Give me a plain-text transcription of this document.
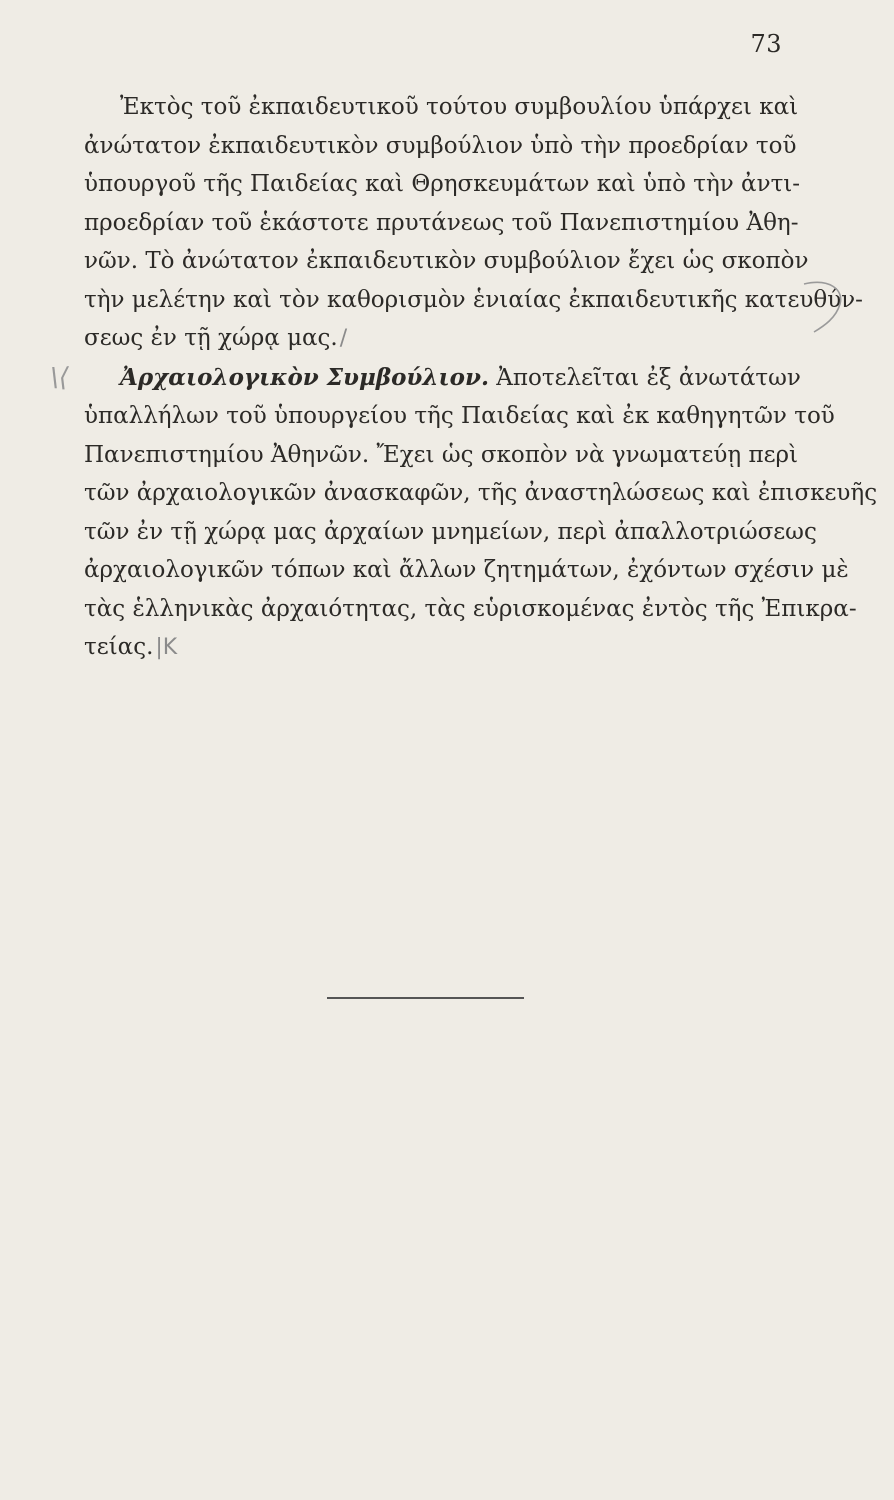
73
Ἐκτὸς τοῦ ἐκπαιδευτικοῦ τούτου συμβουλίου ὑπάρχει καὶ
ἀνώτατον ἐκπαιδευτικὸν συμβούλιον ὑπὸ τὴν προεδρίαν τοῦ
ὑπουργοῦ τῆς Παιδείας καὶ Θρησκευμάτων καὶ ὑπὸ τὴν ἀντι-
προεδρίαν τοῦ ἑκάστοτε πρυτάνεως τοῦ Πανεπιστημίου Ἀθη-
νῶν. Τὸ ἀνώτατον ἐκπαιδευτικὸν συμβούλιον ἔχει ὡς σκοπὸν
τὴν μελέτην καὶ τὸν καθορισμὸν ἑνιαίας ἐκπαιδευτικῆς κατευθύν-
σεως ἐν τῇ χώρᾳ μας./
\⟨ Ἀρχαιολογικὸν Συμβούλιον. Ἀποτελεῖται ἐξ ἀνωτάτων
ὑπαλλήλων τοῦ ὑπουργείου τῆς Παιδείας καὶ ἐκ καθηγητῶν τοῦ
Πανεπιστημίου Ἀθηνῶν. Ἔχει ὡς σκοπὸν νὰ γνωματεύῃ περὶ
τῶν ἀρχαιολογικῶν ἀνασκαφῶν, τῆς ἀναστηλώσεως καὶ ἐπισκευῆς
τῶν ἐν τῇ χώρᾳ μας ἀρχαίων μνημείων, περὶ ἀπαλλοτριώσεως
ἀρχαιολογικῶν τόπων καὶ ἄλλων ζητημάτων, ἐχόντων σχέσιν μὲ
τὰς ἑλληνικὰς ἀρχαιότητας, τὰς εὑρισκομένας ἐντὸς τῆς Ἐπικρα-
τείας.|K
